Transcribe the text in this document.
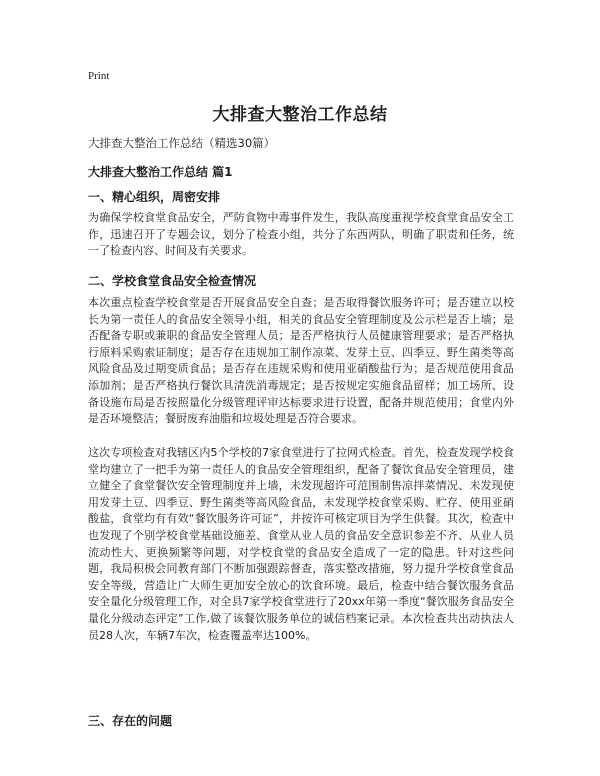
Print
大排查大整治工作总结
大排查大整治工作总结（精选30篇）
大排查大整治工作总结 篇1
一、精心组织，周密安排
为确保学校食堂食品安全，严防食物中毒事件发生，我队高度重视学校食堂食品安全工作，迅速召开了专题会议，划分了检查小组，共分了东西两队，明确了职责和任务，统一了检查内容、时间及有关要求。
二、学校食堂食品安全检查情况
本次重点检查学校食堂是否开展食品安全自查；是否取得餐饮服务许可；是否建立以校长为第一责任人的食品安全领导小组，相关的食品安全管理制度及公示栏是否上墙；是否配备专职或兼职的食品安全管理人员；是否严格执行人员健康管理要求；是否严格执行原料采购索证制度；是否存在违规加工制作凉菜、发芽土豆、四季豆、野生菌类等高风险食品及过期变质食品；是否存在违规采购和使用亚硝酸盐行为；是否规范使用食品添加剂；是否严格执行餐饮具清洗消毒规定；是否按规定实施食品留样；加工场所、设备设施布局是否按照量化分级管理评审达标要求进行设置，配备并规范使用；食堂内外是否环境整洁；餐厨废弃油脂和垃圾处理是否符合要求。
这次专项检查对我辖区内5个学校的7家食堂进行了拉网式检查。首先，检查发现学校食堂均建立了一把手为第一责任人的食品安全管理组织，配备了餐饮食品安全管理员，建立健全了食堂餐饮安全管理制度并上墙，未发现超许可范围制售凉拌菜情况、未发现使用发芽土豆、四季豆、野生菌类等高风险食品，未发现学校食堂采购、贮存、使用亚硝酸盐，食堂均有有效“餐饮服务许可证”，并按许可核定项目为学生供餐。其次，检查中也发现了个别学校食堂基础设施差、食堂从业人员的食品安全意识参差不齐、从业人员流动性大、更换频繁等问题，对学校食堂的食品安全造成了一定的隐患。针对这些问题，我局积极会同教育部门不断加强跟踪督查，落实整改措施，努力提升学校食堂食品安全等级，营造让广大师生更加安全放心的饮食环境。最后，检查中结合餐饮服务食品安全量化分级管理工作，对全县7家学校食堂进行了20xx年第一季度“餐饮服务食品安全量化分级动态评定”工作,做了该餐饮服务单位的诚信档案记录。本次检查共出动执法人员28人次，车辆7车次，检查覆盖率达100%。
三、存在的问题
